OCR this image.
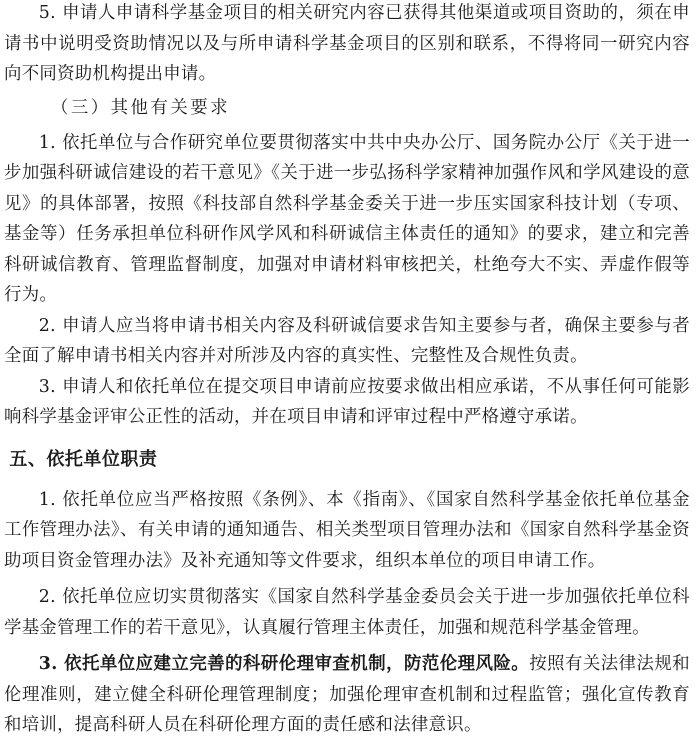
5. 申请人申请科学基金项目的相关研究内容已获得其他渠道或项目资助的，须在申请书中说明受资助情况以及与所申请科学基金项目的区别和联系，不得将同一研究内容向不同资助机构提出申请。

（三）其他有关要求

1. 依托单位与合作研究单位要贯彻落实中共中央办公厅、国务院办公厅《关于进一步加强科研诚信建设的若干意见》《关于进一步弘扬科学家精神加强作风和学风建设的意见》的具体部署，按照《科技部自然科学基金委关于进一步压实国家科技计划（专项、基金等）任务承担单位科研作风学风和科研诚信主体责任的通知》的要求，建立和完善科研诚信教育、管理监督制度，加强对申请材料审核把关，杜绝夸大不实、弄虚作假等行为。

2. 申请人应当将申请书相关内容及科研诚信要求告知主要参与者，确保主要参与者全面了解申请书相关内容并对所涉及内容的真实性、完整性及合规性负责。

3. 申请人和依托单位在提交项目申请前应按要求做出相应承诺，不从事任何可能影响科学基金评审公正性的活动，并在项目申请和评审过程中严格遵守承诺。

五、依托单位职责

1. 依托单位应当严格按照《条例》、本《指南》、《国家自然科学基金依托单位基金工作管理办法》、有关申请的通知通告、相关类型项目管理办法和《国家自然科学基金资助项目资金管理办法》及补充通知等文件要求，组织本单位的项目申请工作。

2. 依托单位应切实贯彻落实《国家自然科学基金委员会关于进一步加强依托单位科学基金管理工作的若干意见》，认真履行管理主体责任，加强和规范科学基金管理。

3. 依托单位应建立完善的科研伦理审查机制，防范伦理风险。按照有关法律法规和伦理准则，建立健全科研伦理管理制度；加强伦理审查机制和过程监管；强化宣传教育和培训，提高科研人员在科研伦理方面的责任感和法律意识。
